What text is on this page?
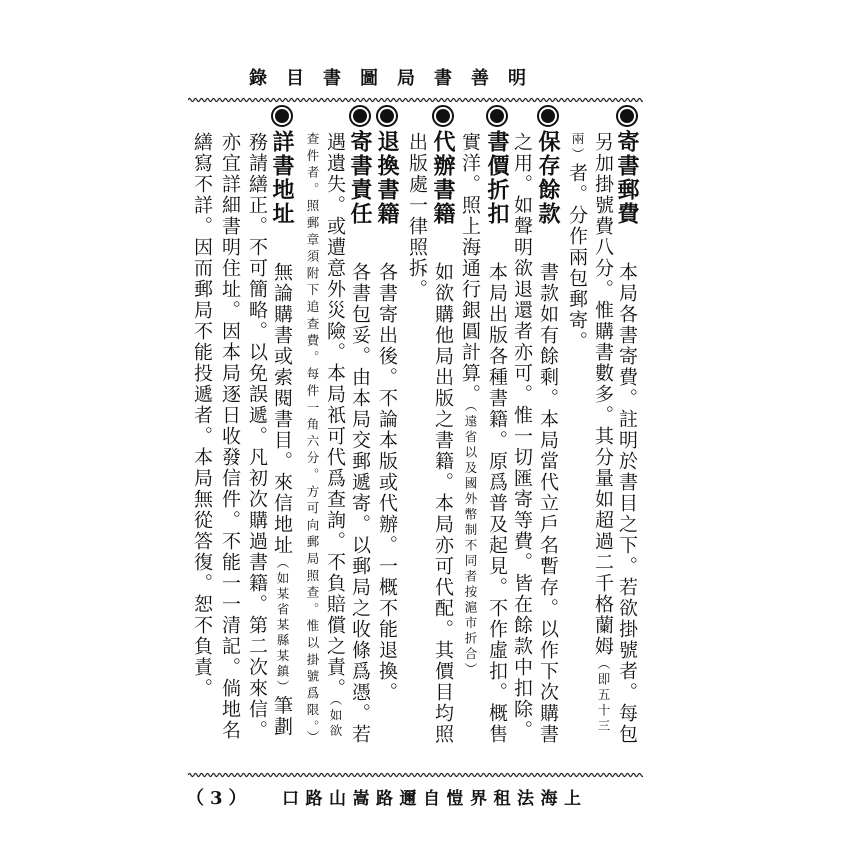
明善書局圖書目錄
寄書郵費本局各書寄費。註明於書目之下。若欲掛號者。每包
另加掛號費八分。惟購書數多。其分量如超過二千格蘭姆（即五十三
兩）者。分作兩包郵寄。
保存餘款書款如有餘剩。本局當代立戶名暫存。以作下次購書
之用。如聲明欲退還者亦可。惟一切匯寄等費。皆在餘款中扣除。
書價折扣本局出版各種書籍。原爲普及起見。不作虛扣。概售
實洋。照上海通行銀圓計算。（遠省以及國外幣制不同者按滬市折合）
代辦書籍如欲購他局出版之書籍。本局亦可代配。其價目均照
出版處一律照拆。
退換書籍各書寄出後。不論本版或代辦。一概不能退換。
寄書責任各書包妥。由本局交郵遞寄。以郵局之收條爲憑。若
遇遺失。或遭意外災險。本局祇可代爲查詢。不負賠償之責。（如欲
查件者。照郵章須附下追查費。每件一角六分。方可向郵局照查。惟以掛號爲限。）
詳書地址無論購書或索閱書目。來信地址（如某省某縣某鎮）筆劃
務請繕正。不可簡略。以免誤遞。凡初次購過書籍。第二次來信。
亦宜詳細書明住址。因本局逐日收發信件。不能一一清記。倘地名
繕寫不詳。因而郵局不能投遞者。本局無從答復。恕不負責。
（3） 上海法租界愷自邇路嵩山路口
